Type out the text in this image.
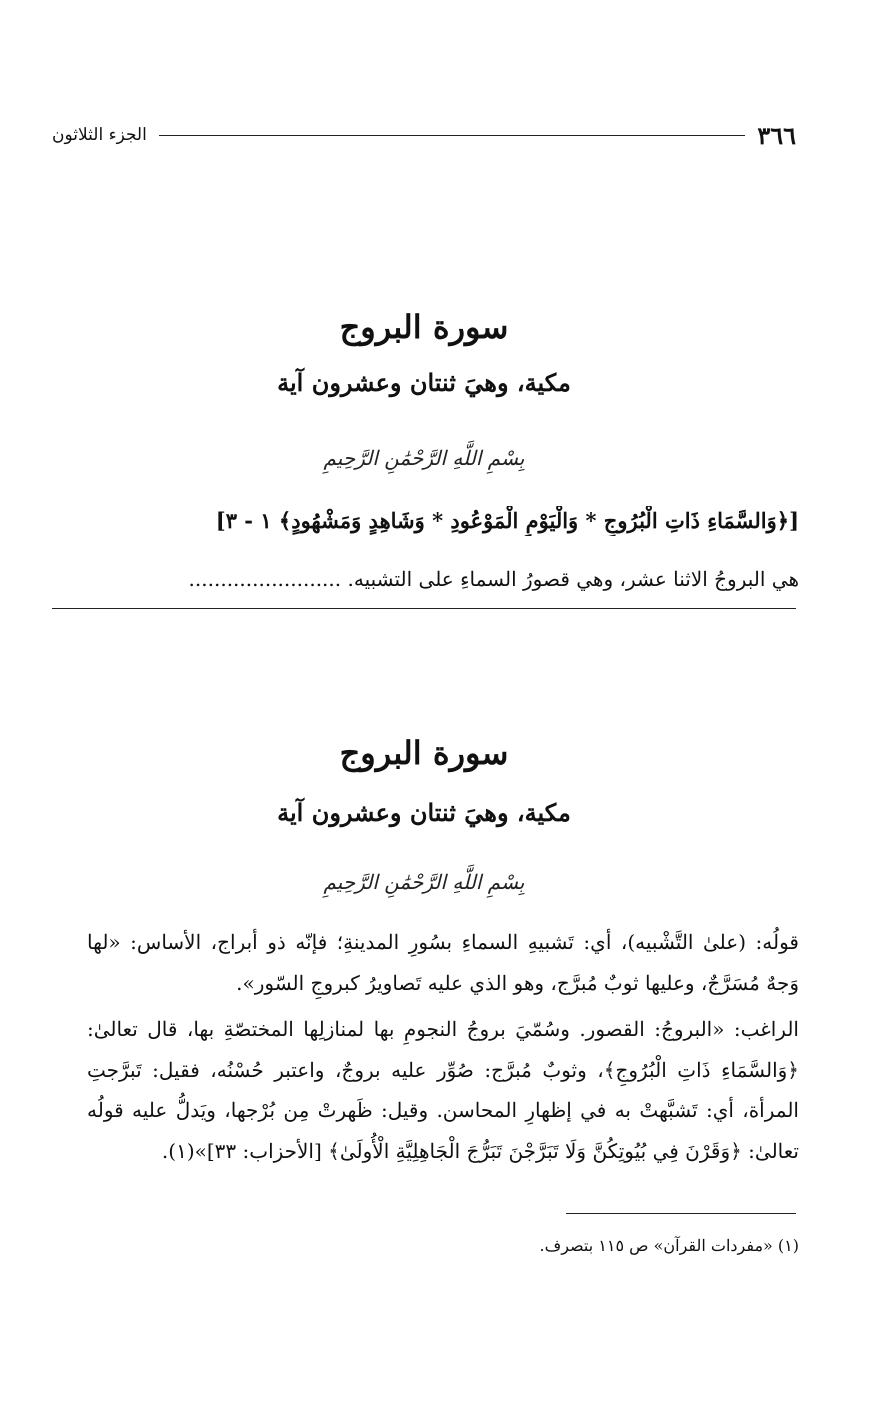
٣٦٦
الجزء الثلاثون
سورة البروج
مكية، وهيَ ثنتان وعشرون آية
بِسْمِ اللَّهِ الرَّحْمَٰنِ الرَّحِيمِ
[﴿وَالسَّمَاءِ ذَاتِ الْبُرُوجِ * وَالْيَوْمِ الْمَوْعُودِ * وَشَاهِدٍ وَمَشْهُودٍ﴾ ١ - ٣]
هي البروجُ الاثنا عشر، وهي قصورُ السماءِ على التشبيه. ........................
سورة البروج
مكية، وهيَ ثنتان وعشرون آية
بِسْمِ اللَّهِ الرَّحْمَٰنِ الرَّحِيمِ

قولُه: (علىٰ التَّشْبيه)، أي: تَشبيهِ السماءِ بسُورِ المدينةِ؛ فإنّه ذو أبراج، الأساس: «لها وَجهٌ مُسَرَّجٌ، وعليها ثوبٌ مُبرَّج، وهو الذي عليه تَصاويرُ كبروجِ السّور».

الراغب: «البروجُ: القصور. وسُمّيَ بروجُ النجومِ بها لمنازلِها المختصّةِ بها، قال تعالىٰ: ﴿وَالسَّمَاءِ ذَاتِ الْبُرُوجِ﴾، وثوبٌ مُبرَّج: صُوِّر عليه بروجٌ، واعتبر حُسْنُه، فقيل: تَبرَّجتِ المرأة، أي: تَشبَّهتْ به في إظهارِ المحاسن. وقيل: ظَهرتْ مِن بُرْجها، ويَدلُّ عليه قولُه تعالىٰ: ﴿وَقَرْنَ فِي بُيُوتِكُنَّ وَلَا تَبَرَّجْنَ تَبَرُّجَ الْجَاهِلِيَّةِ الْأُولَىٰ﴾ [الأحزاب: ٣٣]»(١).

(١) «مفردات القرآن» ص ١١٥ بتصرف.
